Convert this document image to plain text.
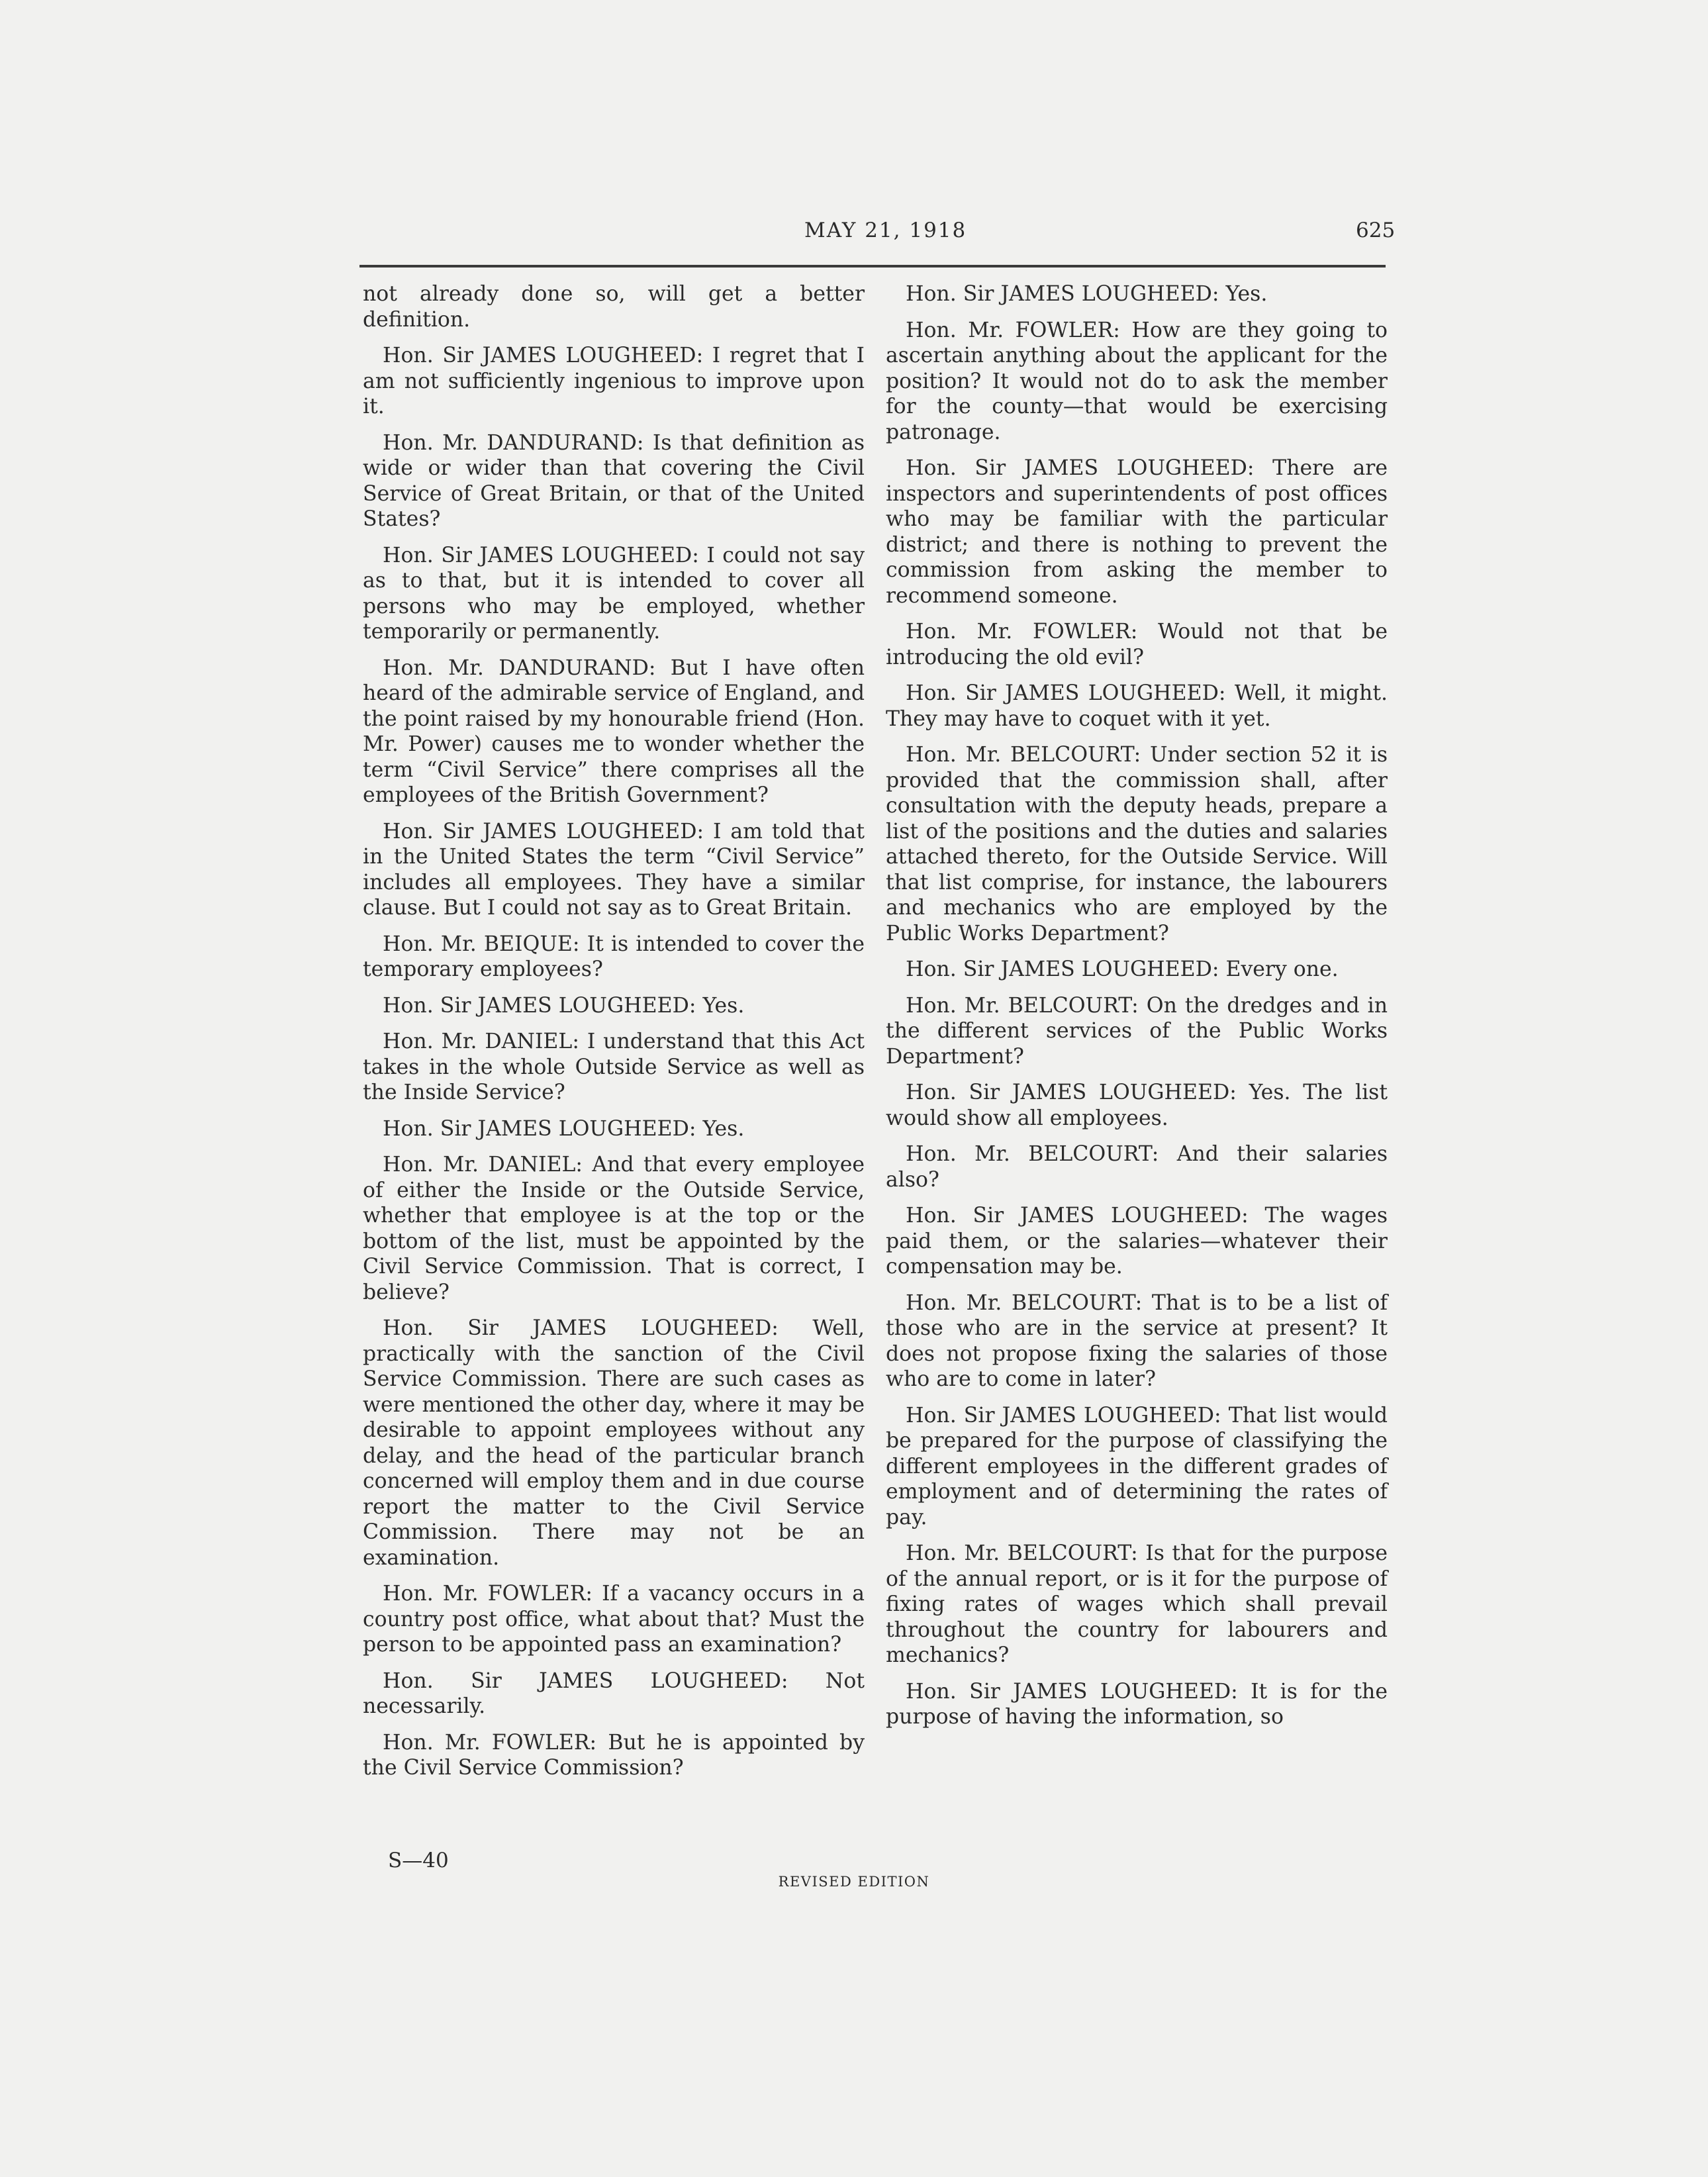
MAY 21, 1918	625

not already done so, will get a better definition.

Hon. Sir JAMES LOUGHEED: I regret that I am not sufficiently ingenious to improve upon it.

Hon. Mr. DANDURAND: Is that definition as wide or wider than that covering the Civil Service of Great Britain, or that of the United States?

Hon. Sir JAMES LOUGHEED: I could not say as to that, but it is intended to cover all persons who may be employed, whether temporarily or permanently.

Hon. Mr. DANDURAND: But I have often heard of the admirable service of England, and the point raised by my honourable friend (Hon. Mr. Power) causes me to wonder whether the term “Civil Service” there comprises all the employees of the British Government?

Hon. Sir JAMES LOUGHEED: I am told that in the United States the term “Civil Service” includes all employees. They have a similar clause. But I could not say as to Great Britain.

Hon. Mr. BEIQUE: It is intended to cover the temporary employees?

Hon. Sir JAMES LOUGHEED: Yes.

Hon. Mr. DANIEL: I understand that this Act takes in the whole Outside Service as well as the Inside Service?

Hon. Sir JAMES LOUGHEED: Yes.

Hon. Mr. DANIEL: And that every employee of either the Inside or the Outside Service, whether that employee is at the top or the bottom of the list, must be appointed by the Civil Service Commission. That is correct, I believe?

Hon. Sir JAMES LOUGHEED: Well, practically with the sanction of the Civil Service Commission. There are such cases as were mentioned the other day, where it may be desirable to appoint employees without any delay, and the head of the particular branch concerned will employ them and in due course report the matter to the Civil Service Commission. There may not be an examination.

Hon. Mr. FOWLER: If a vacancy occurs in a country post office, what about that? Must the person to be appointed pass an examination?

Hon. Sir JAMES LOUGHEED: Not necessarily.

Hon. Mr. FOWLER: But he is appointed by the Civil Service Commission?

Hon. Sir JAMES LOUGHEED: Yes.

Hon. Mr. FOWLER: How are they going to ascertain anything about the applicant for the position? It would not do to ask the member for the county—that would be exercising patronage.

Hon. Sir JAMES LOUGHEED: There are inspectors and superintendents of post offices who may be familiar with the particular district; and there is nothing to prevent the commission from asking the member to recommend someone.

Hon. Mr. FOWLER: Would not that be introducing the old evil?

Hon. Sir JAMES LOUGHEED: Well, it might. They may have to coquet with it yet.

Hon. Mr. BELCOURT: Under section 52 it is provided that the commission shall, after consultation with the deputy heads, prepare a list of the positions and the duties and salaries attached thereto, for the Outside Service. Will that list comprise, for instance, the labourers and mechanics who are employed by the Public Works Department?

Hon. Sir JAMES LOUGHEED: Every one.

Hon. Mr. BELCOURT: On the dredges and in the different services of the Public Works Department?

Hon. Sir JAMES LOUGHEED: Yes. The list would show all employees.

Hon. Mr. BELCOURT: And their salaries also?

Hon. Sir JAMES LOUGHEED: The wages paid them, or the salaries—whatever their compensation may be.

Hon. Mr. BELCOURT: That is to be a list of those who are in the service at present? It does not propose fixing the salaries of those who are to come in later?

Hon. Sir JAMES LOUGHEED: That list would be prepared for the purpose of classifying the different employees in the different grades of employment and of determining the rates of pay.

Hon. Mr. BELCOURT: Is that for the purpose of the annual report, or is it for the purpose of fixing rates of wages which shall prevail throughout the country for labourers and mechanics?

Hon. Sir JAMES LOUGHEED: It is for the purpose of having the information, so

S—40
REVISED EDITION
